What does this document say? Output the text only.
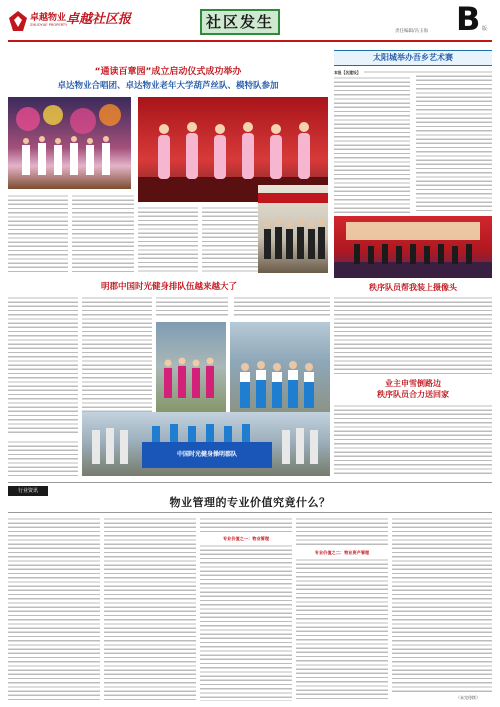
卓越物业
ZHUOYUE PROPERTY
卓越社区报	社区发生
责任编辑/冯玉海 B 版
“通读百章园”成立启动仪式成功举办
卓达物业合唱团、卓达物业老年大学葫芦丝队、模特队参加
太阳城举办吾乡艺术赛
本报【名建设】
秩序队员帮我装上摄像头
业主申雪倒路边
秩序队员合力送回家
明郡中国时光健身排队伍越来越大了
中国时光健身操明郡队
行业资讯
物业管理的专业价值究竟什么？
专业价值之一：物业管理
专业价值之二：物业资产管理
（未完待续）
